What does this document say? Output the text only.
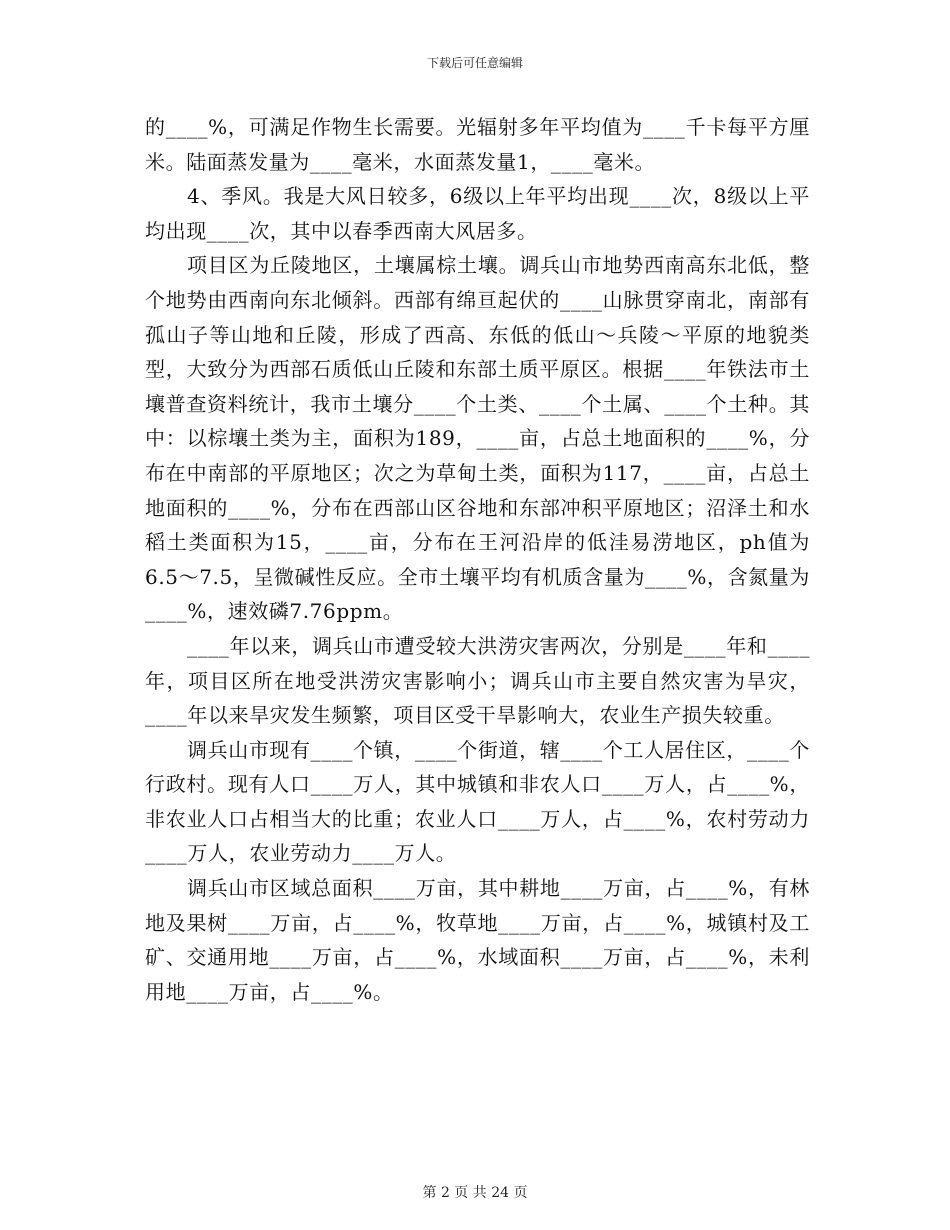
下载后可任意编辑

的____%，可满足作物生长需要。光辐射多年平均值为____千卡每平方厘米。陆面蒸发量为____毫米，水面蒸发量1，____毫米。

4、季风。我是大风日较多，6级以上年平均出现____次，8级以上平均出现____次，其中以春季西南大风居多。

项目区为丘陵地区，土壤属棕土壤。调兵山市地势西南高东北低，整个地势由西南向东北倾斜。西部有绵亘起伏的____山脉贯穿南北，南部有孤山子等山地和丘陵，形成了西高、东低的低山～兵陵～平原的地貌类型，大致分为西部石质低山丘陵和东部土质平原区。根据____年铁法市土壤普查资料统计，我市土壤分____个土类、____个土属、____个土种。其中：以棕壤土类为主，面积为189，____亩，占总土地面积的____%，分布在中南部的平原地区；次之为草甸土类，面积为117，____亩，占总土地面积的____%，分布在西部山区谷地和东部冲积平原地区；沼泽土和水稻土类面积为15，____亩，分布在王河沿岸的低洼易涝地区，ph值为6.5～7.5，呈微碱性反应。全市土壤平均有机质含量为____%，含氮量为____%，速效磷7.76ppm。

____年以来，调兵山市遭受较大洪涝灾害两次，分别是____年和____年，项目区所在地受洪涝灾害影响小；调兵山市主要自然灾害为旱灾，____年以来旱灾发生频繁，项目区受干旱影响大，农业生产损失较重。

调兵山市现有____个镇，____个街道，辖____个工人居住区，____个行政村。现有人口____万人，其中城镇和非农人口____万人，占____%，非农业人口占相当大的比重；农业人口____万人，占____%，农村劳动力____万人，农业劳动力____万人。

调兵山市区域总面积____万亩，其中耕地____万亩，占____%，有林地及果树____万亩，占____%，牧草地____万亩，占____%，城镇村及工矿、交通用地____万亩，占____%，水域面积____万亩，占____%，未利用地____万亩，占____%。

第 2 页 共 24 页
